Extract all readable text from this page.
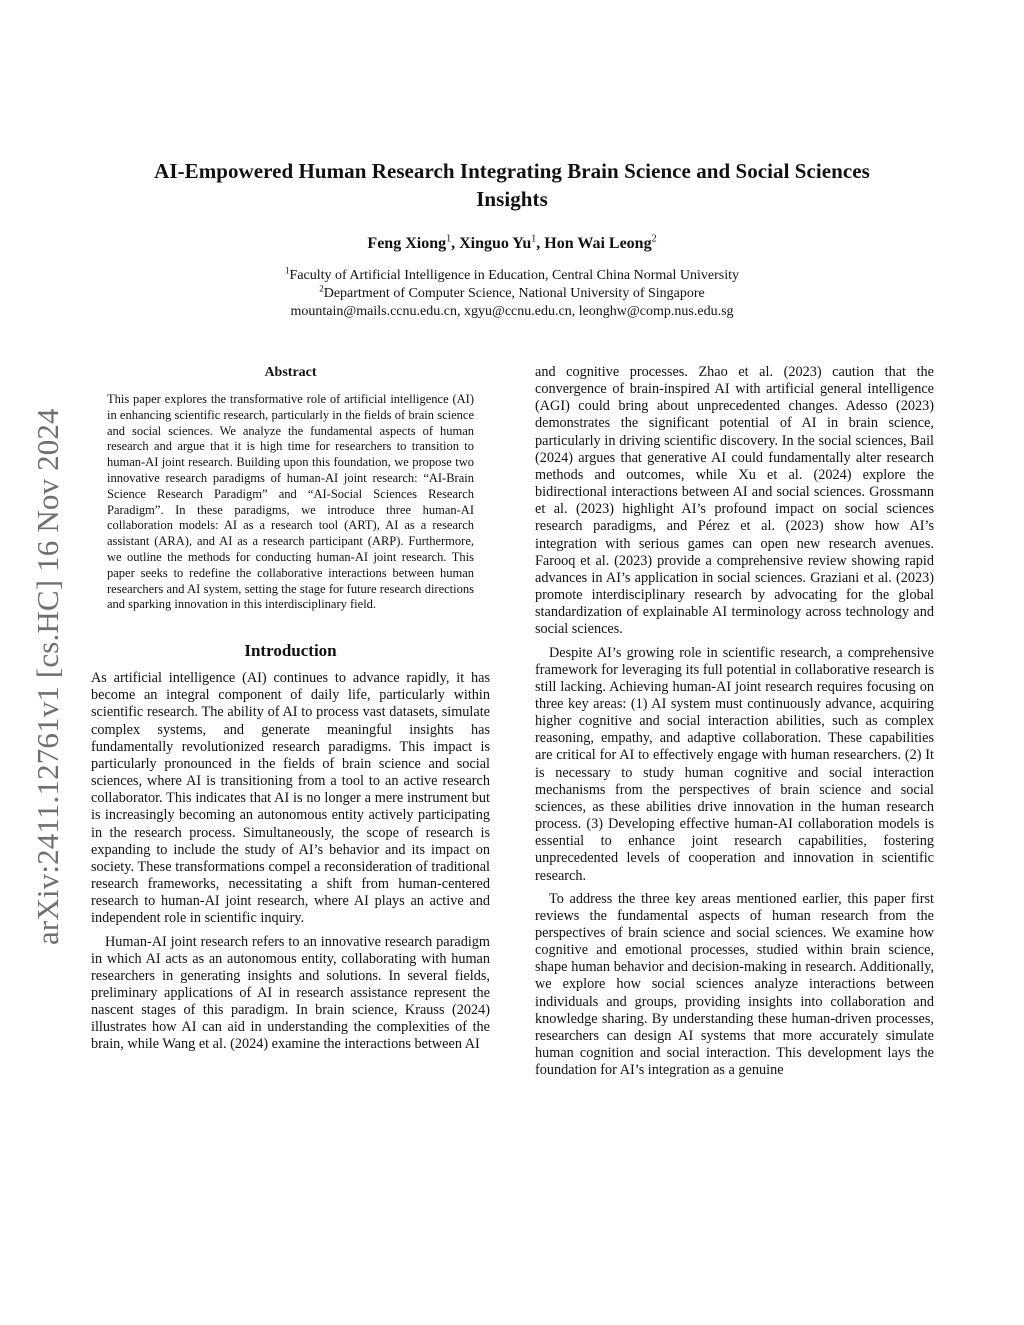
arXiv:2411.12761v1 [cs.HC] 16 Nov 2024
AI-Empowered Human Research Integrating Brain Science and Social Sciences Insights
Feng Xiong$^1$, Xinguo Yu$^1$, Hon Wai Leong$^2$
$^1$Faculty of Artificial Intelligence in Education, Central China Normal University
$^2$Department of Computer Science, National University of Singapore
mountain@mails.ccnu.edu.cn, xgyu@ccnu.edu.cn, leonghw@comp.nus.edu.sg
Abstract

This paper explores the transformative role of artificial intelligence (AI) in enhancing scientific research, particularly in the fields of brain science and social sciences. We analyze the fundamental aspects of human research and argue that it is high time for researchers to transition to human-AI joint research. Building upon this foundation, we propose two innovative research paradigms of human-AI joint research: “AI-Brain Science Research Paradigm” and “AI-Social Sciences Research Paradigm”. In these paradigms, we introduce three human-AI collaboration models: AI as a research tool (ART), AI as a research assistant (ARA), and AI as a research participant (ARP). Furthermore, we outline the methods for conducting human-AI joint research. This paper seeks to redefine the collaborative interactions between human researchers and AI system, setting the stage for future research directions and sparking innovation in this interdisciplinary field.

Introduction

As artificial intelligence (AI) continues to advance rapidly, it has become an integral component of daily life, particularly within scientific research. The ability of AI to process vast datasets, simulate complex systems, and generate meaningful insights has fundamentally revolutionized research paradigms. This impact is particularly pronounced in the fields of brain science and social sciences, where AI is transitioning from a tool to an active research collaborator. This indicates that AI is no longer a mere instrument but is increasingly becoming an autonomous entity actively participating in the research process. Simultaneously, the scope of research is expanding to include the study of AI’s behavior and its impact on society. These transformations compel a reconsideration of traditional research frameworks, necessitating a shift from human-centered research to human-AI joint research, where AI plays an active and independent role in scientific inquiry.

Human-AI joint research refers to an innovative research paradigm in which AI acts as an autonomous entity, collaborating with human researchers in generating insights and solutions. In several fields, preliminary applications of AI in research assistance represent the nascent stages of this paradigm. In brain science, Krauss (2024) illustrates how AI can aid in understanding the complexities of the brain, while Wang et al. (2024) examine the interactions between AI

and cognitive processes. Zhao et al. (2023) caution that the convergence of brain-inspired AI with artificial general intelligence (AGI) could bring about unprecedented changes. Adesso (2023) demonstrates the significant potential of AI in brain science, particularly in driving scientific discovery. In the social sciences, Bail (2024) argues that generative AI could fundamentally alter research methods and outcomes, while Xu et al. (2024) explore the bidirectional interactions between AI and social sciences. Grossmann et al. (2023) highlight AI’s profound impact on social sciences research paradigms, and Pérez et al. (2023) show how AI’s integration with serious games can open new research avenues. Farooq et al. (2023) provide a comprehensive review showing rapid advances in AI’s application in social sciences. Graziani et al. (2023) promote interdisciplinary research by advocating for the global standardization of explainable AI terminology across technology and social sciences.

Despite AI’s growing role in scientific research, a comprehensive framework for leveraging its full potential in collaborative research is still lacking. Achieving human-AI joint research requires focusing on three key areas: (1) AI system must continuously advance, acquiring higher cognitive and social interaction abilities, such as complex reasoning, empathy, and adaptive collaboration. These capabilities are critical for AI to effectively engage with human researchers. (2) It is necessary to study human cognitive and social interaction mechanisms from the perspectives of brain science and social sciences, as these abilities drive innovation in the human research process. (3) Developing effective human-AI collaboration models is essential to enhance joint research capabilities, fostering unprecedented levels of cooperation and innovation in scientific research.

To address the three key areas mentioned earlier, this paper first reviews the fundamental aspects of human research from the perspectives of brain science and social sciences. We examine how cognitive and emotional processes, studied within brain science, shape human behavior and decision-making in research. Additionally, we explore how social sciences analyze interactions between individuals and groups, providing insights into collaboration and knowledge sharing. By understanding these human-driven processes, researchers can design AI systems that more accurately simulate human cognition and social interaction. This development lays the foundation for AI’s integration as a genuine
